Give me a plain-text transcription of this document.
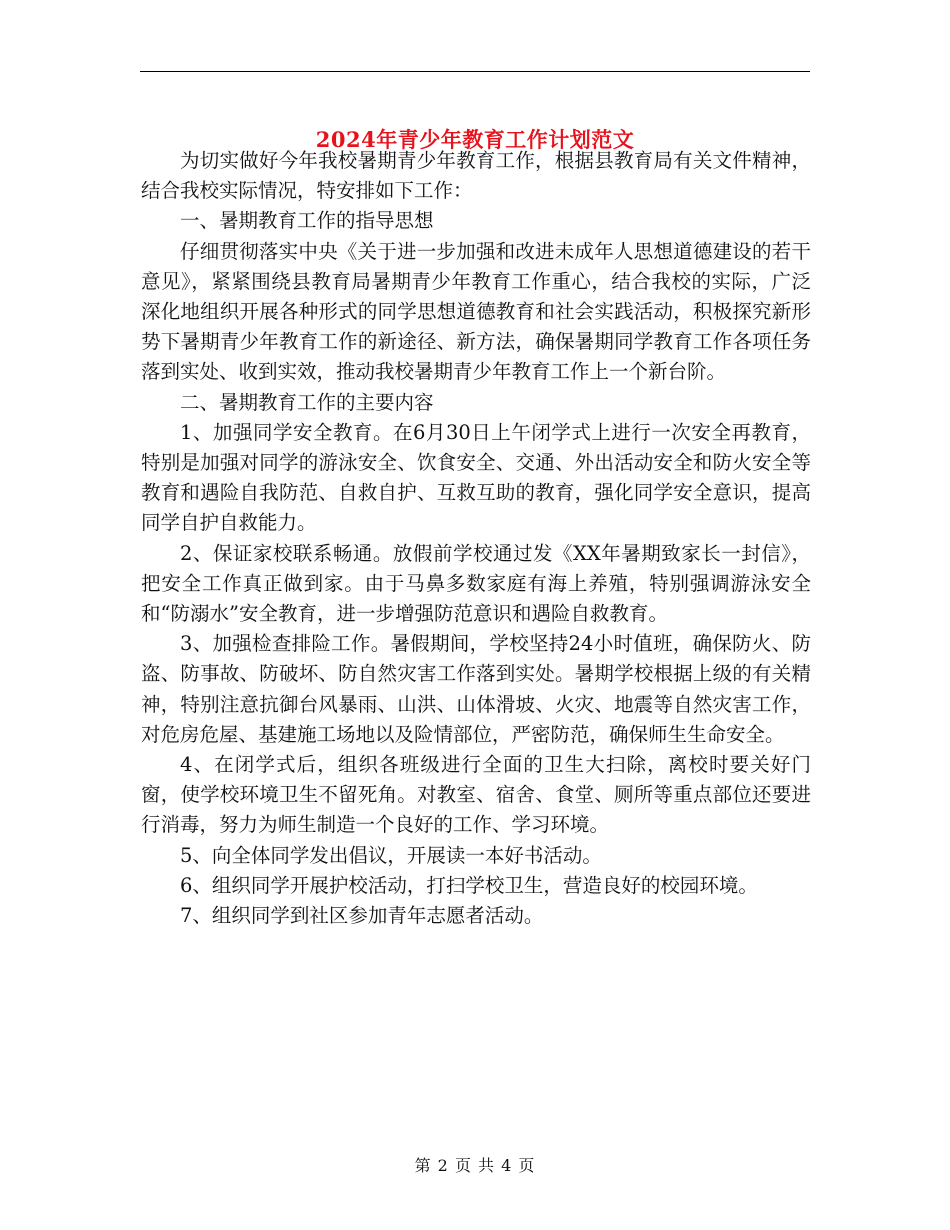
2024年青少年教育工作计划范文

为切实做好今年我校暑期青少年教育工作，根据县教育局有关文件精神，结合我校实际情况，特安排如下工作：

一、暑期教育工作的指导思想

仔细贯彻落实中央《关于进一步加强和改进未成年人思想道德建设的若干意见》，紧紧围绕县教育局暑期青少年教育工作重心，结合我校的实际，广泛深化地组织开展各种形式的同学思想道德教育和社会实践活动，积极探究新形势下暑期青少年教育工作的新途径、新方法，确保暑期同学教育工作各项任务落到实处、收到实效，推动我校暑期青少年教育工作上一个新台阶。

二、暑期教育工作的主要内容

1、加强同学安全教育。在6月30日上午闭学式上进行一次安全再教育，特别是加强对同学的游泳安全、饮食安全、交通、外出活动安全和防火安全等教育和遇险自我防范、自救自护、互救互助的教育，强化同学安全意识，提高同学自护自救能力。

2、保证家校联系畅通。放假前学校通过发《XX年暑期致家长一封信》，把安全工作真正做到家。由于马鼻多数家庭有海上养殖，特别强调游泳安全和“防溺水”安全教育，进一步增强防范意识和遇险自救教育。

3、加强检查排险工作。暑假期间，学校坚持24小时值班，确保防火、防盗、防事故、防破坏、防自然灾害工作落到实处。暑期学校根据上级的有关精神，特别注意抗御台风暴雨、山洪、山体滑坡、火灾、地震等自然灾害工作，对危房危屋、基建施工场地以及险情部位，严密防范，确保师生生命安全。

4、在闭学式后，组织各班级进行全面的卫生大扫除，离校时要关好门窗，使学校环境卫生不留死角。对教室、宿舍、食堂、厕所等重点部位还要进行消毒，努力为师生制造一个良好的工作、学习环境。

5、向全体同学发出倡议，开展读一本好书活动。

6、组织同学开展护校活动，打扫学校卫生，营造良好的校园环境。

7、组织同学到社区参加青年志愿者活动。

第 2 页 共 4 页
